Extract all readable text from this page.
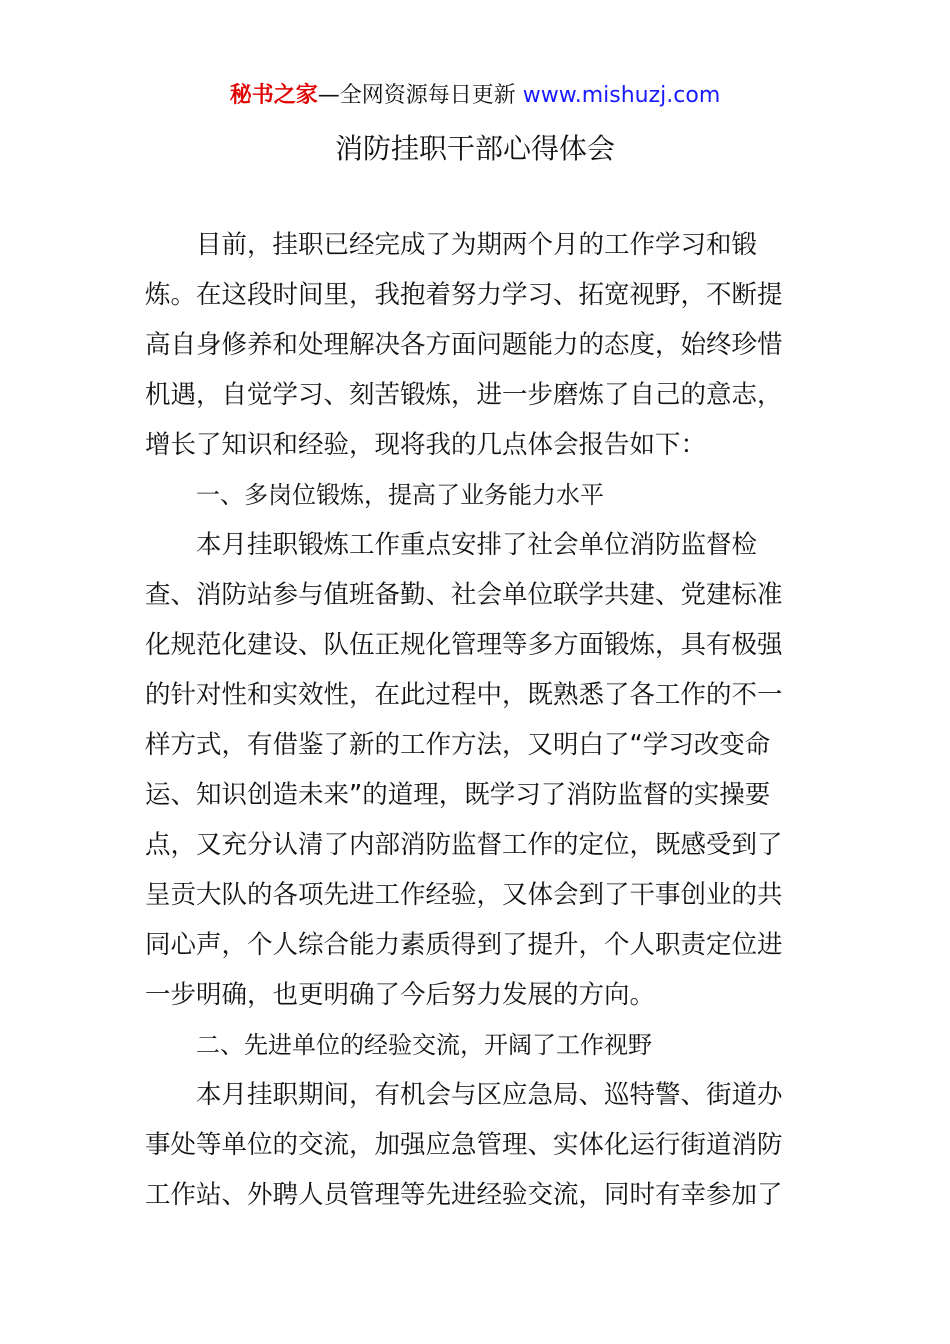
秘书之家—全网资源每日更新 www.mishuzj.com
消防挂职干部心得体会
目前，挂职已经完成了为期两个月的工作学习和锻
炼。在这段时间里，我抱着努力学习、拓宽视野，不断提
高自身修养和处理解决各方面问题能力的态度，始终珍惜
机遇，自觉学习、刻苦锻炼，进一步磨炼了自己的意志，
增长了知识和经验，现将我的几点体会报告如下：
一、多岗位锻炼，提高了业务能力水平
本月挂职锻炼工作重点安排了社会单位消防监督检
查、消防站参与值班备勤、社会单位联学共建、党建标准
化规范化建设、队伍正规化管理等多方面锻炼，具有极强
的针对性和实效性，在此过程中，既熟悉了各工作的不一
样方式，有借鉴了新的工作方法，又明白了“学习改变命
运、知识创造未来”的道理，既学习了消防监督的实操要
点，又充分认清了内部消防监督工作的定位，既感受到了
呈贡大队的各项先进工作经验，又体会到了干事创业的共
同心声，个人综合能力素质得到了提升，个人职责定位进
一步明确，也更明确了今后努力发展的方向。
二、先进单位的经验交流，开阔了工作视野
本月挂职期间，有机会与区应急局、巡特警、街道办
事处等单位的交流，加强应急管理、实体化运行街道消防
工作站、外聘人员管理等先进经验交流，同时有幸参加了
